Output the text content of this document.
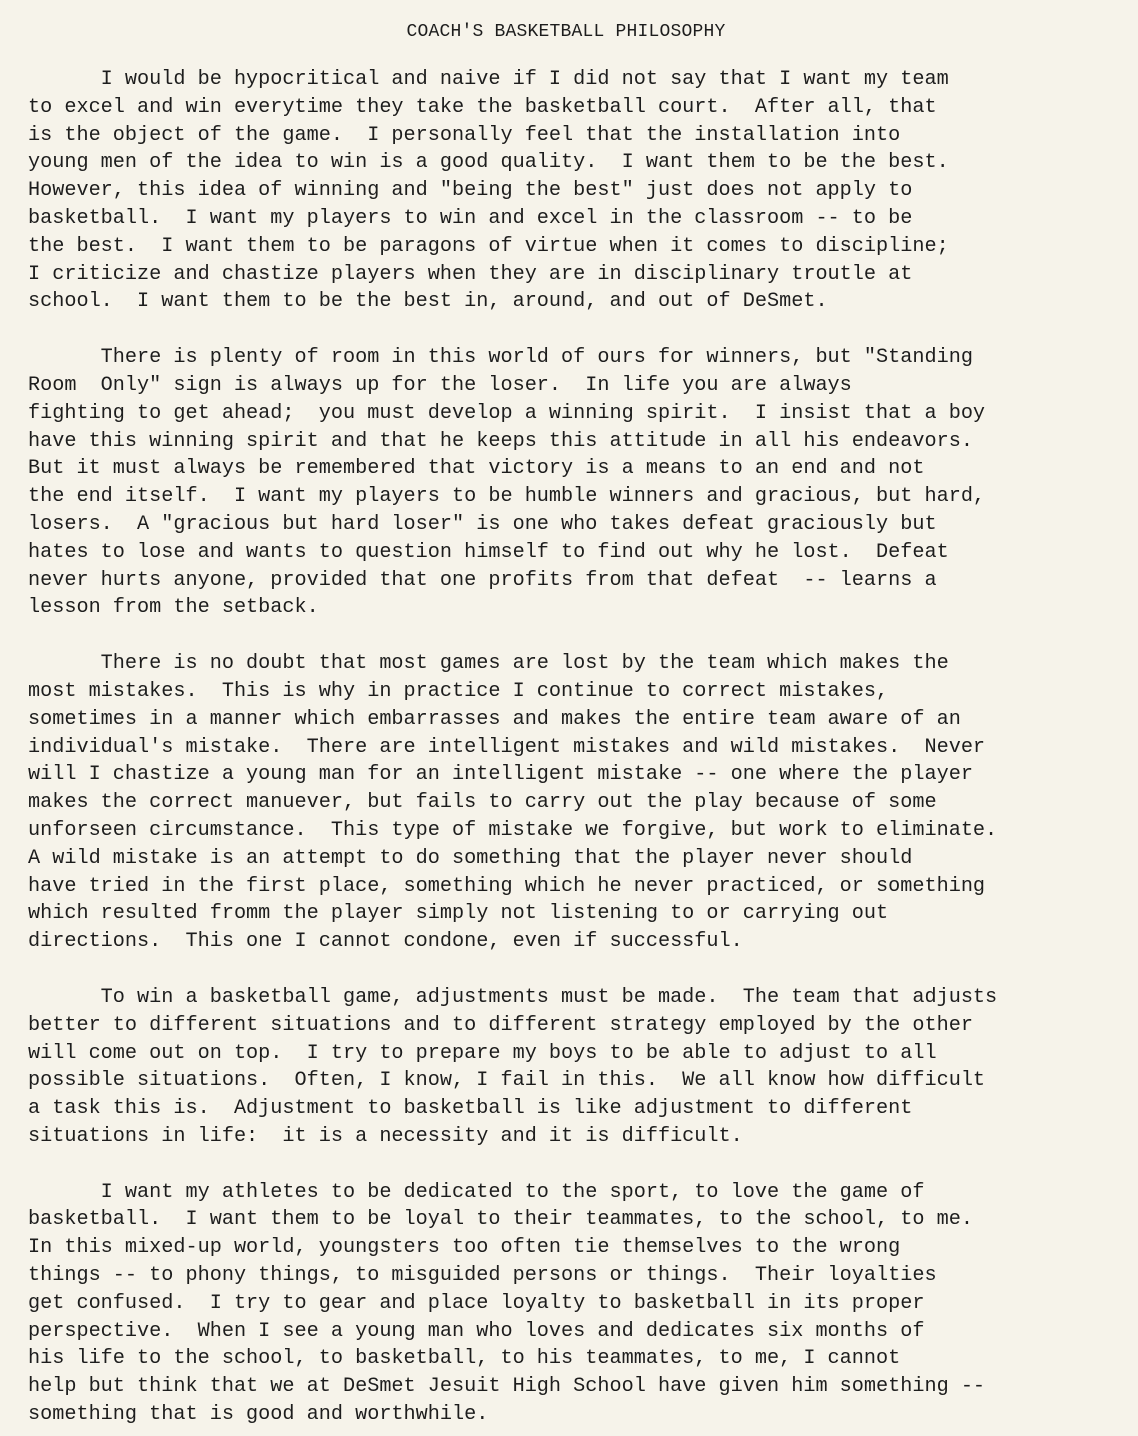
COACH'S BASKETBALL PHILOSOPHY
I would be hypocritical and naive if I did not say that I want my team
to excel and win everytime they take the basketball court.  After all, that
is the object of the game.  I personally feel that the installation into
young men of the idea to win is a good quality.  I want them to be the best.
However, this idea of winning and "being the best" just does not apply to
basketball.  I want my players to win and excel in the classroom -- to be
the best.  I want them to be paragons of virtue when it comes to discipline;
I criticize and chastize players when they are in disciplinary troutle at
school.  I want them to be the best in, around, and out of DeSmet.
There is plenty of room in this world of ours for winners, but "Standing
Room  Only" sign is always up for the loser.  In life you are always
fighting to get ahead;  you must develop a winning spirit.  I insist that a boy
have this winning spirit and that he keeps this attitude in all his endeavors.
But it must always be remembered that victory is a means to an end and not
the end itself.  I want my players to be humble winners and gracious, but hard,
losers.  A "gracious but hard loser" is one who takes defeat graciously but
hates to lose and wants to question himself to find out why he lost.  Defeat
never hurts anyone, provided that one profits from that defeat  -- learns a
lesson from the setback.
There is no doubt that most games are lost by the team which makes the
most mistakes.  This is why in practice I continue to correct mistakes,
sometimes in a manner which embarrasses and makes the entire team aware of an
individual's mistake.  There are intelligent mistakes and wild mistakes.  Never
will I chastize a young man for an intelligent mistake -- one where the player
makes the correct manuever, but fails to carry out the play because of some
unforseen circumstance.  This type of mistake we forgive, but work to eliminate.
A wild mistake is an attempt to do something that the player never should
have tried in the first place, something which he never practiced, or something
which resulted fromm the player simply not listening to or carrying out
directions.  This one I cannot condone, even if successful.
To win a basketball game, adjustments must be made.  The team that adjusts
better to different situations and to different strategy employed by the other
will come out on top.  I try to prepare my boys to be able to adjust to all
possible situations.  Often, I know, I fail in this.  We all know how difficult
a task this is.  Adjustment to basketball is like adjustment to different
situations in life:  it is a necessity and it is difficult.
I want my athletes to be dedicated to the sport, to love the game of
basketball.  I want them to be loyal to their teammates, to the school, to me.
In this mixed-up world, youngsters too often tie themselves to the wrong
things -- to phony things, to misguided persons or things.  Their loyalties
get confused.  I try to gear and place loyalty to basketball in its proper
perspective.  When I see a young man who loves and dedicates six months of
his life to the school, to basketball, to his teammates, to me, I cannot
help but think that we at DeSmet Jesuit High School have given him something --
something that is good and worthwhile.
